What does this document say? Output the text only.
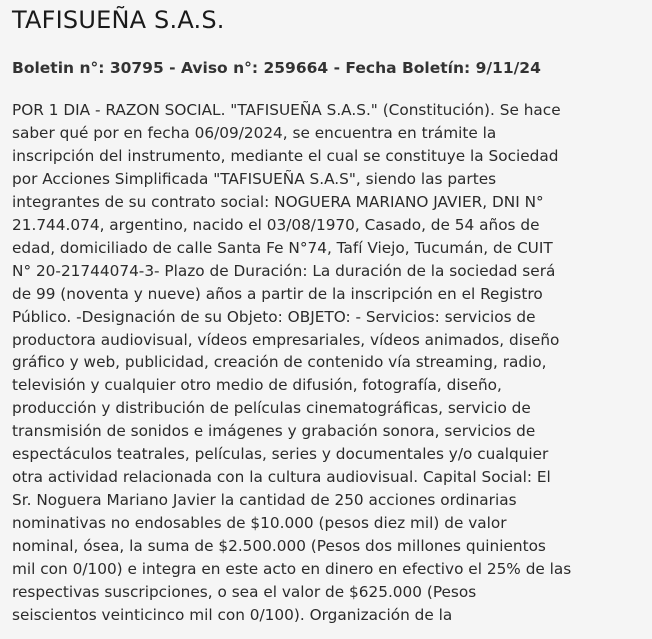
TAFISUEÑA S.A.S.
Boletin n°: 30795 - Aviso n°: 259664 - Fecha Boletín: 9/11/24
POR 1 DIA - RAZON SOCIAL. "TAFISUEÑA S.A.S." (Constitución). Se hace
saber qué por en fecha 06/09/2024, se encuentra en trámite la
inscripción del instrumento, mediante el cual se constituye la Sociedad
por Acciones Simplificada "TAFISUEÑA S.A.S", siendo las partes
integrantes de su contrato social: NOGUERA MARIANO JAVIER, DNI N°
21.744.074, argentino, nacido el 03/08/1970, Casado, de 54 años de
edad, domiciliado de calle Santa Fe N°74, Tafí Viejo, Tucumán, de CUIT
N° 20-21744074-3- Plazo de Duración: La duración de la sociedad será
de 99 (noventa y nueve) años a partir de la inscripción en el Registro
Público. -Designación de su Objeto: OBJETO: - Servicios: servicios de
productora audiovisual, vídeos empresariales, vídeos animados, diseño
gráfico y web, publicidad, creación de contenido vía streaming, radio,
televisión y cualquier otro medio de difusión, fotografía, diseño,
producción y distribución de películas cinematográficas, servicio de
transmisión de sonidos e imágenes y grabación sonora, servicios de
espectáculos teatrales, películas, series y documentales y/o cualquier
otra actividad relacionada con la cultura audiovisual. Capital Social: El
Sr. Noguera Mariano Javier la cantidad de 250 acciones ordinarias
nominativas no endosables de $10.000 (pesos diez mil) de valor
nominal, ósea, la suma de $2.500.000 (Pesos dos millones quinientos
mil con 0/100) e integra en este acto en dinero en efectivo el 25% de las
respectivas suscripciones, o sea el valor de $625.000 (Pesos
seiscientos veinticinco mil con 0/100). Organización de la
